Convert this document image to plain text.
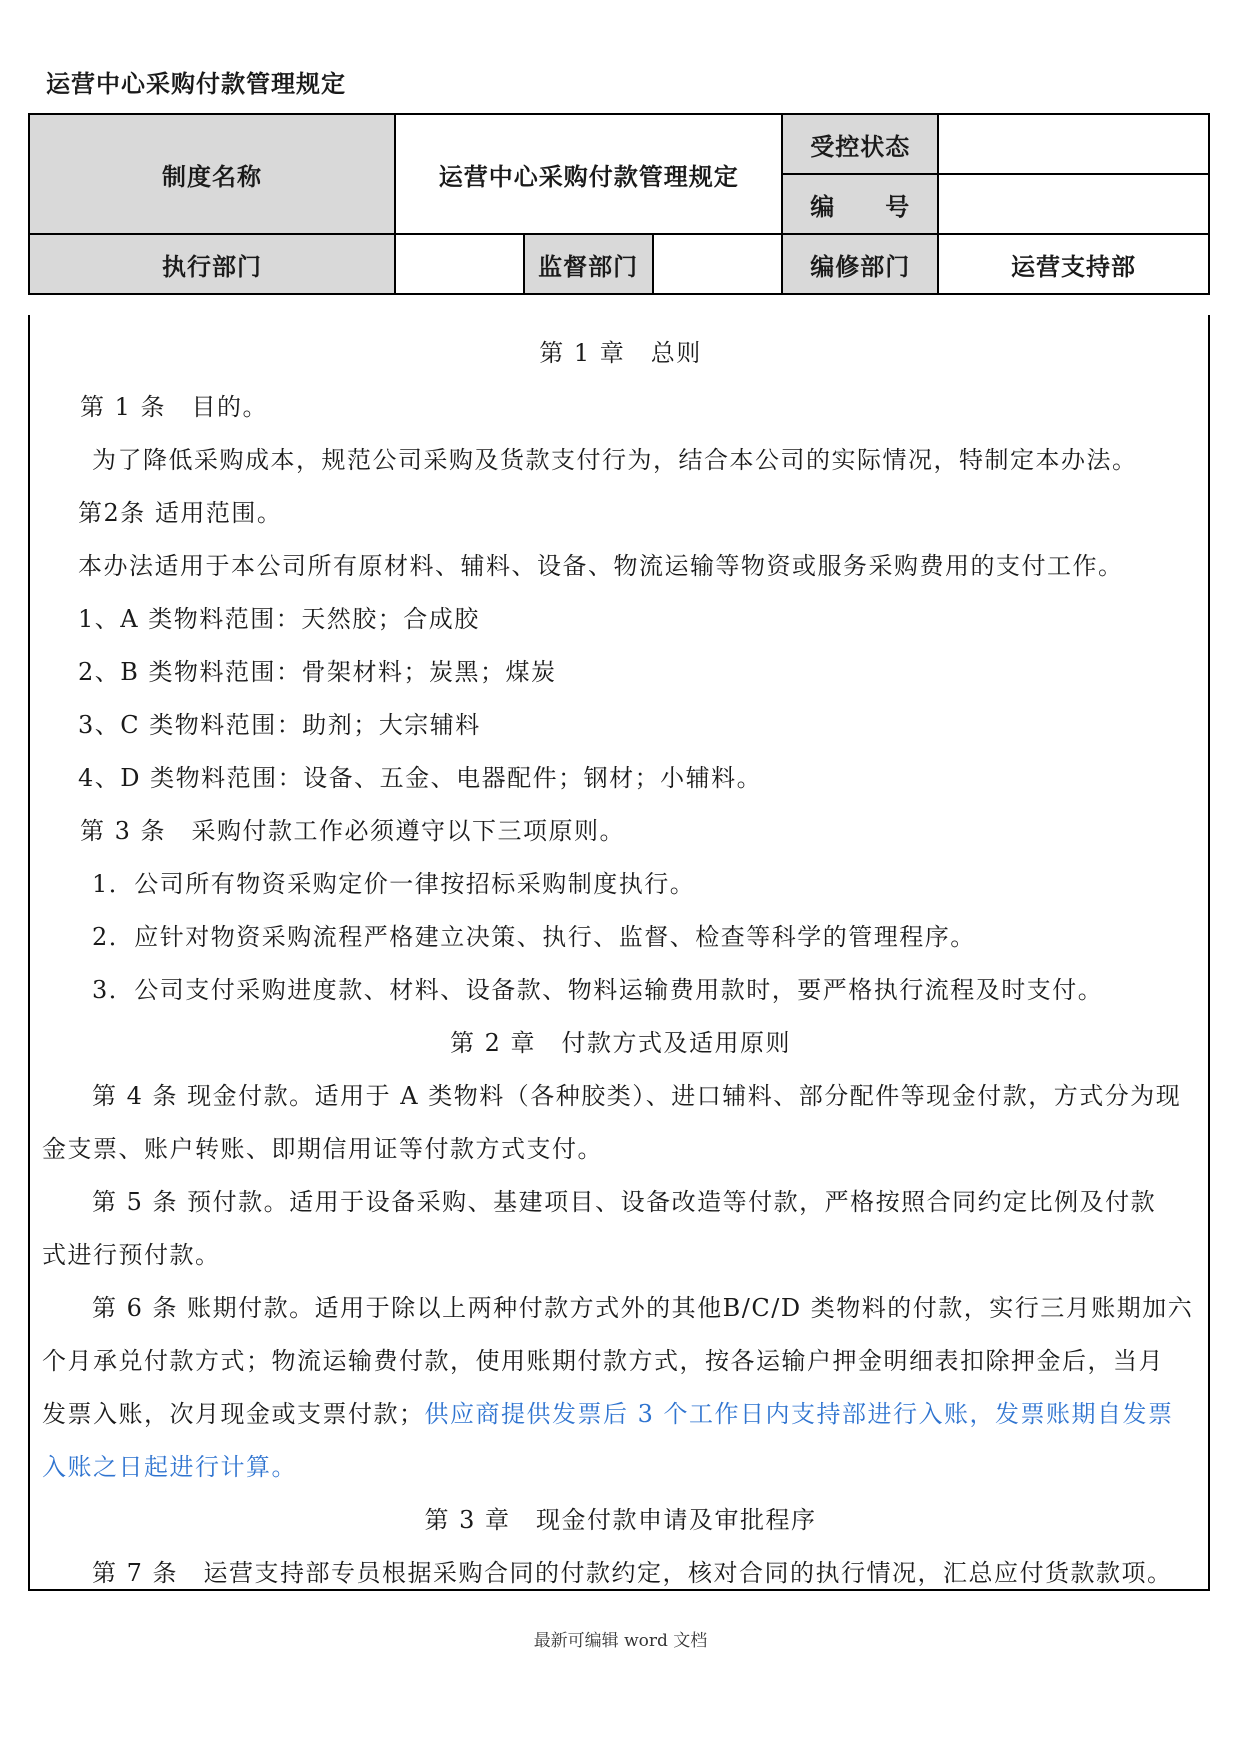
运营中心采购付款管理规定
制度名称	运营中心采购付款管理规定			受控状态	
				编　　号	
执行部门		监督部门		编修部门	运营支持部
第 1 章　总则
第 1 条　目的。
为了降低采购成本，规范公司采购及货款支付行为，结合本公司的实际情况，特制定本办法。
第2条 适用范围。
本办法适用于本公司所有原材料、辅料、设备、物流运输等物资或服务采购费用的支付工作。
1、A 类物料范围：天然胶；合成胶
2、B 类物料范围：骨架材料；炭黑；煤炭
3、C 类物料范围：助剂；大宗辅料
4、D 类物料范围：设备、五金、电器配件；钢材；小辅料。
第 3 条　采购付款工作必须遵守以下三项原则。
1．公司所有物资采购定价一律按招标采购制度执行。
2．应针对物资采购流程严格建立决策、执行、监督、检查等科学的管理程序。
3．公司支付采购进度款、材料、设备款、物料运输费用款时，要严格执行流程及时支付。
第 2 章　付款方式及适用原则
第 4 条 现金付款。适用于 A 类物料（各种胶类）、进口辅料、部分配件等现金付款，方式分为现
金支票、账户转账、即期信用证等付款方式支付。
第 5 条 预付款。适用于设备采购、基建项目、设备改造等付款，严格按照合同约定比例及付款
式进行预付款。
第 6 条 账期付款。适用于除以上两种付款方式外的其他B/C/D 类物料的付款，实行三月账期加六
个月承兑付款方式；物流运输费付款，使用账期付款方式，按各运输户押金明细表扣除押金后，当月
发票入账，次月现金或支票付款；供应商提供发票后 3 个工作日内支持部进行入账，发票账期自发票
入账之日起进行计算。
第 3 章　现金付款申请及审批程序
第 7 条　运营支持部专员根据采购合同的付款约定，核对合同的执行情况，汇总应付货款款项。
最新可编辑 word 文档
